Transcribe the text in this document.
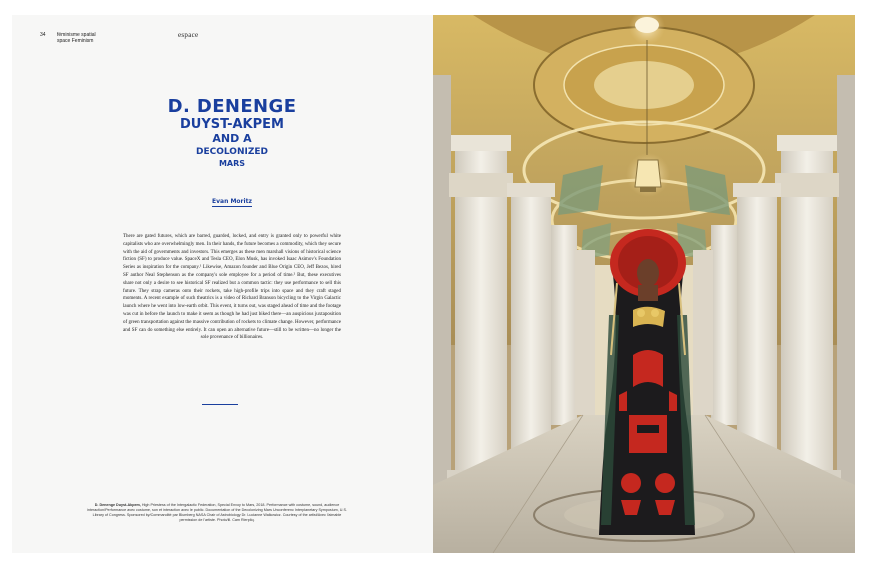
34 féminisme spatial
space Feminism
espace
D. DENENGE
DUYST-AKPEM
AND A
DECOLONIZED
MARS
Evan Moritz

There are gated futures, which are barred, guarded, locked, and entry is granted only to powerful white capitalists who are overwhelmingly men. In their hands, the future becomes a commodity, which they secure with the aid of governments and investors. This emerges as these men marshall visions of historical science fiction (SF) to produce value. SpaceX and Tesla CEO, Elon Musk, has invoked Isaac Asimov's Foundation Series as inspiration for the company.¹ Likewise, Amazon founder and Blue Origin CEO, Jeff Bezos, hired SF author Neal Stephenson as the company's sole employee for a period of time.² But, these executives share not only a desire to see historical SF realized but a common tactic: they use performance to sell this future. They strap cameras onto their rockets, take high-profile trips into space and they craft staged moments. A recent example of such theatrics is a video of Richard Branson bicycling to the Virgin Galactic launch where he went into low-earth orbit. This event, it turns out, was staged ahead of time and the footage was cut in before the launch to make it seem as though he had just biked there—an auspicious juxtaposition of green transportation against the massive contribution of rockets to climate change. However, performance and SF can do something else entirely. It can open an alternative future—still to be written—no longer the sole provenance of billionaires.

D. Denenge Duyst-Akpem, High Priestess of the Intergalactic Federation, Special Envoy to Mars, 2018. Performance with costume, sound, audience interaction/Performance avec costume, son et interaction avec le public. Documentation of the Decolonizing Mars Unconferenc Interplanetary Symposium, U.S. Library of Congress. Sponsored by/Commandité par Blumberg NASA Chair of Astrobiology Dr. Lucianne Walkowicz. Courtesy of the artist/Avec l'aimable permission de l'artiste. Photo/ill. Cam Rierpliq.
